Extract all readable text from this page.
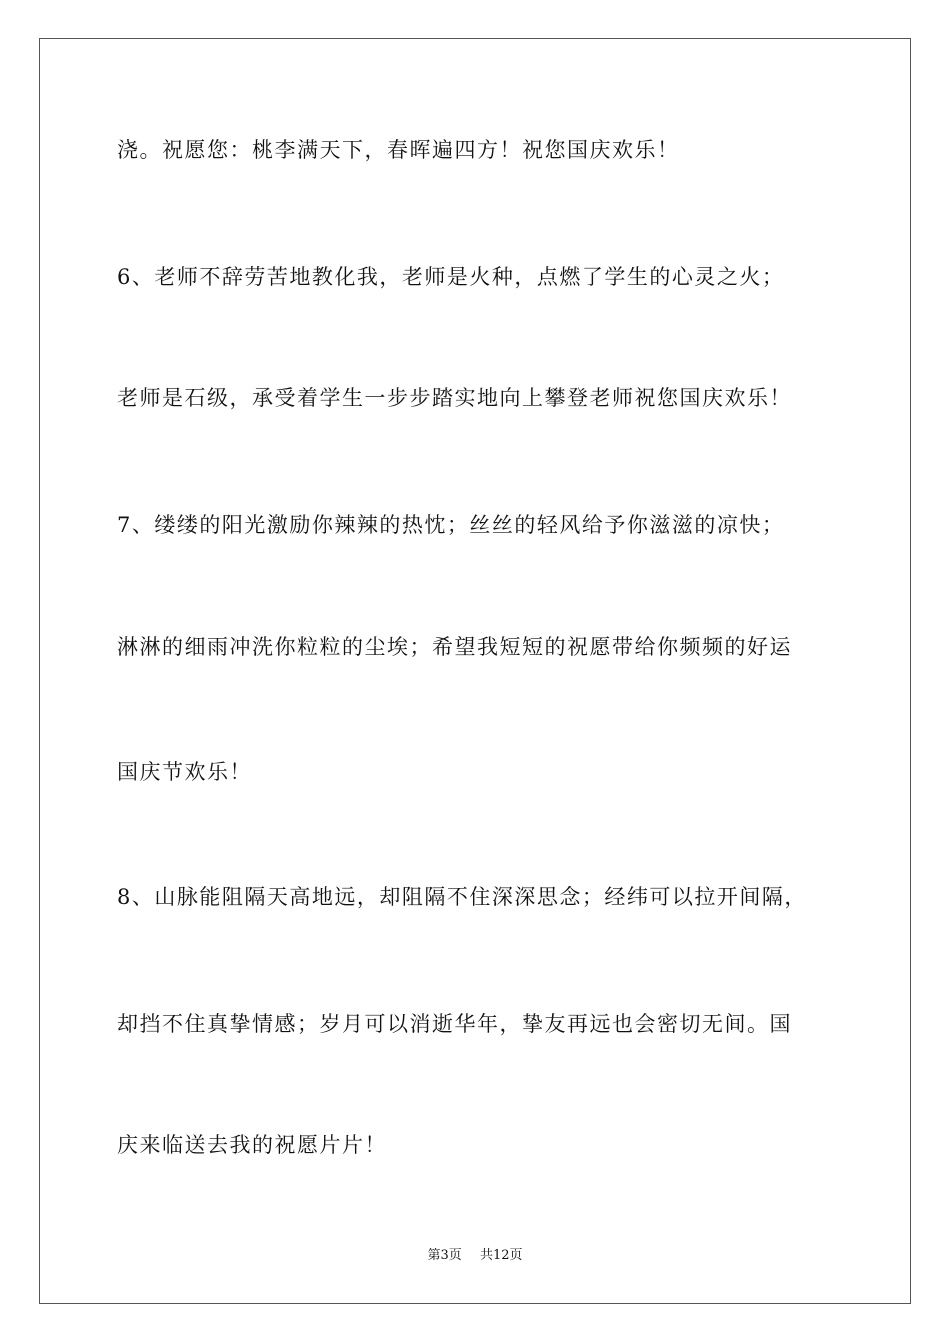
浇。祝愿您：桃李满天下，春晖遍四方！祝您国庆欢乐！

6、老师不辞劳苦地教化我，老师是火种，点燃了学生的心灵之火；

老师是石级，承受着学生一步步踏实地向上攀登老师祝您国庆欢乐！

7、缕缕的阳光激励你辣辣的热忱；丝丝的轻风给予你滋滋的凉快；

淋淋的细雨冲洗你粒粒的尘埃；希望我短短的祝愿带给你频频的好运

国庆节欢乐！

8、山脉能阻隔天高地远，却阻隔不住深深思念；经纬可以拉开间隔，

却挡不住真挚情感；岁月可以消逝华年，挚友再远也会密切无间。国

庆来临送去我的祝愿片片！

第3页 共12页
